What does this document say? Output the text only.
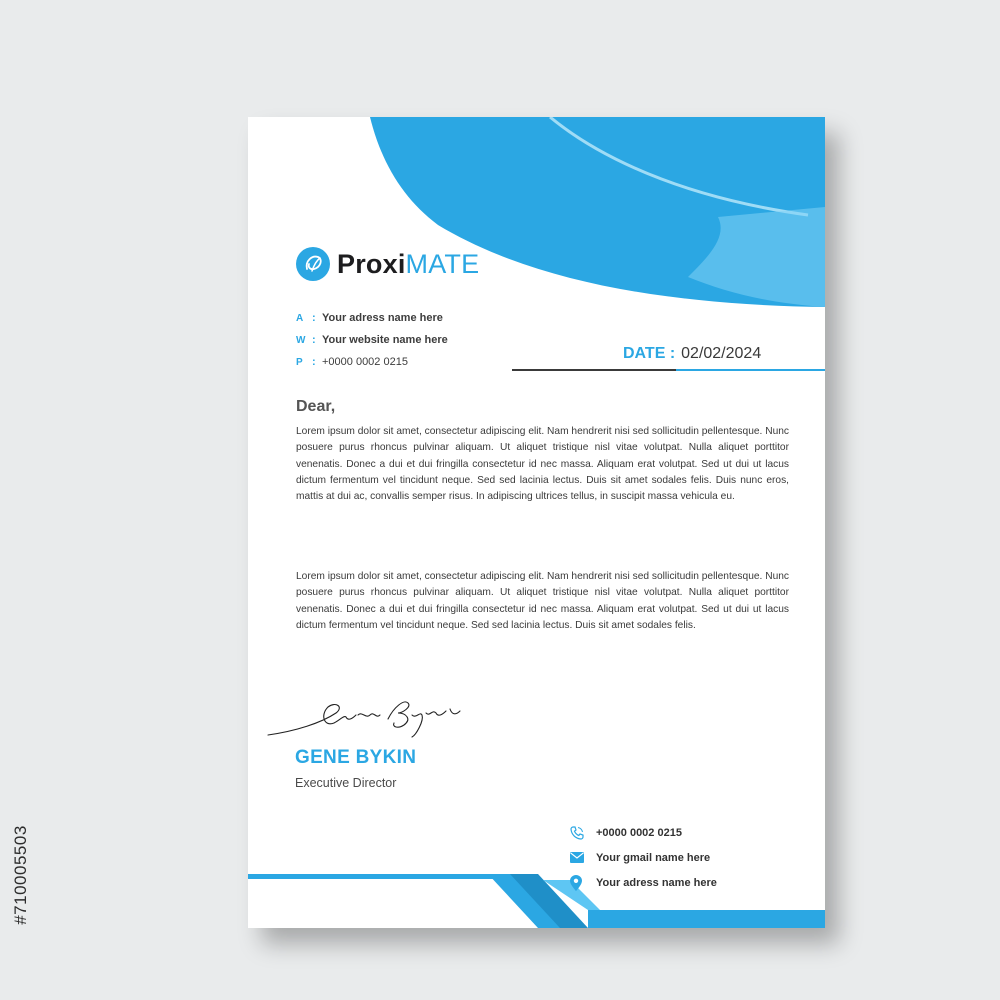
#710005503
ProxiMATE
A : Your adress name here
W : Your website name here
P : +0000 0002 0215	DATE : 02/02/2024
Dear,

Lorem ipsum dolor sit amet, consectetur adipiscing elit. Nam hendrerit nisi sed sollicitudin pellentesque. Nunc posuere purus rhoncus pulvinar aliquam. Ut aliquet tristique nisl vitae volutpat. Nulla aliquet porttitor venenatis. Donec a dui et dui fringilla consectetur id nec massa. Aliquam erat volutpat. Sed ut dui ut lacus dictum fermentum vel tincidunt neque. Sed sed lacinia lectus. Duis sit amet sodales felis. Duis nunc eros, mattis at dui ac, convallis semper risus. In adipiscing ultrices tellus, in suscipit massa vehicula eu.

Lorem ipsum dolor sit amet, consectetur adipiscing elit. Nam hendrerit nisi sed sollicitudin pellentesque. Nunc posuere purus rhoncus pulvinar aliquam. Ut aliquet tristique nisl vitae volutpat. Nulla aliquet porttitor venenatis. Donec a dui et dui fringilla consectetur id nec massa. Aliquam erat volutpat. Sed ut dui ut lacus dictum fermentum vel tincidunt neque. Sed sed lacinia lectus. Duis sit amet sodales felis.

GENE BYKIN
Executive Director
+0000 0002 0215
Your gmail name here
Your adress name here
